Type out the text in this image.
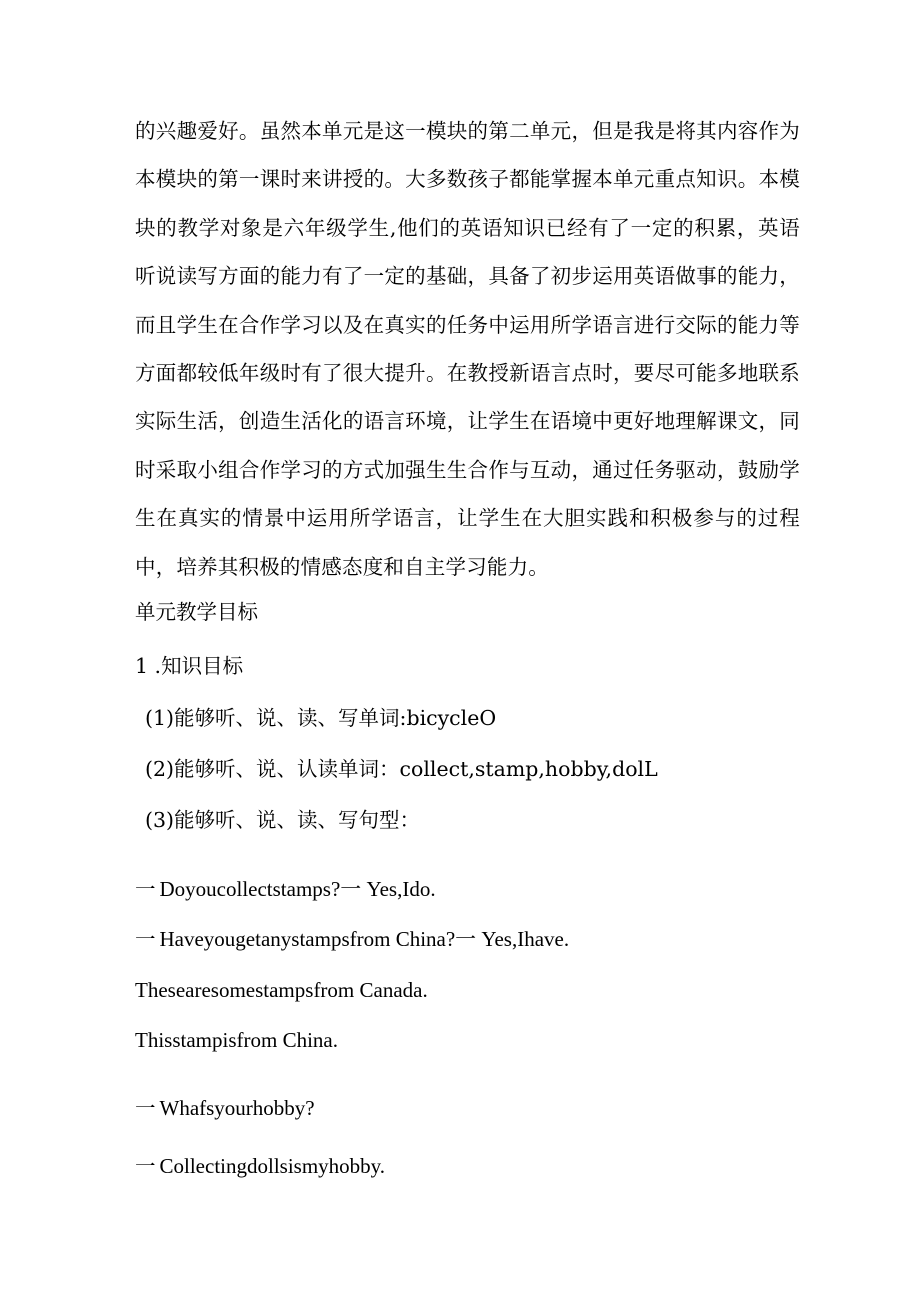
的兴趣爱好。虽然本单元是这一模块的第二单元，但是我是将其内容作为本模块的第一课时来讲授的。大多数孩子都能掌握本单元重点知识。本模块的教学对象是六年级学生,他们的英语知识已经有了一定的积累，英语听说读写方面的能力有了一定的基础，具备了初步运用英语做事的能力，而且学生在合作学习以及在真实的任务中运用所学语言进行交际的能力等方面都较低年级时有了很大提升。在教授新语言点时，要尽可能多地联系实际生活，创造生活化的语言环境，让学生在语境中更好地理解课文，同时采取小组合作学习的方式加强生生合作与互动，通过任务驱动，鼓励学生在真实的情景中运用所学语言，让学生在大胆实践和积极参与的过程中，培养其积极的情感态度和自主学习能力。

单元教学目标

1 .知识目标

(1)能够听、说、读、写单词:bicycleO

(2)能够听、说、认读单词：collect,stamp,hobby,dolL

(3)能够听、说、读、写句型：

一 Doyoucollectstamps?一 Yes,Ido.

一 Haveyougetanystampsfrom China?一 Yes,Ihave.

Thesearesomestampsfrom Canada.

Thisstampisfrom China.

一 Whafsyourhobby?

一 Collectingdollsismyhobby.
